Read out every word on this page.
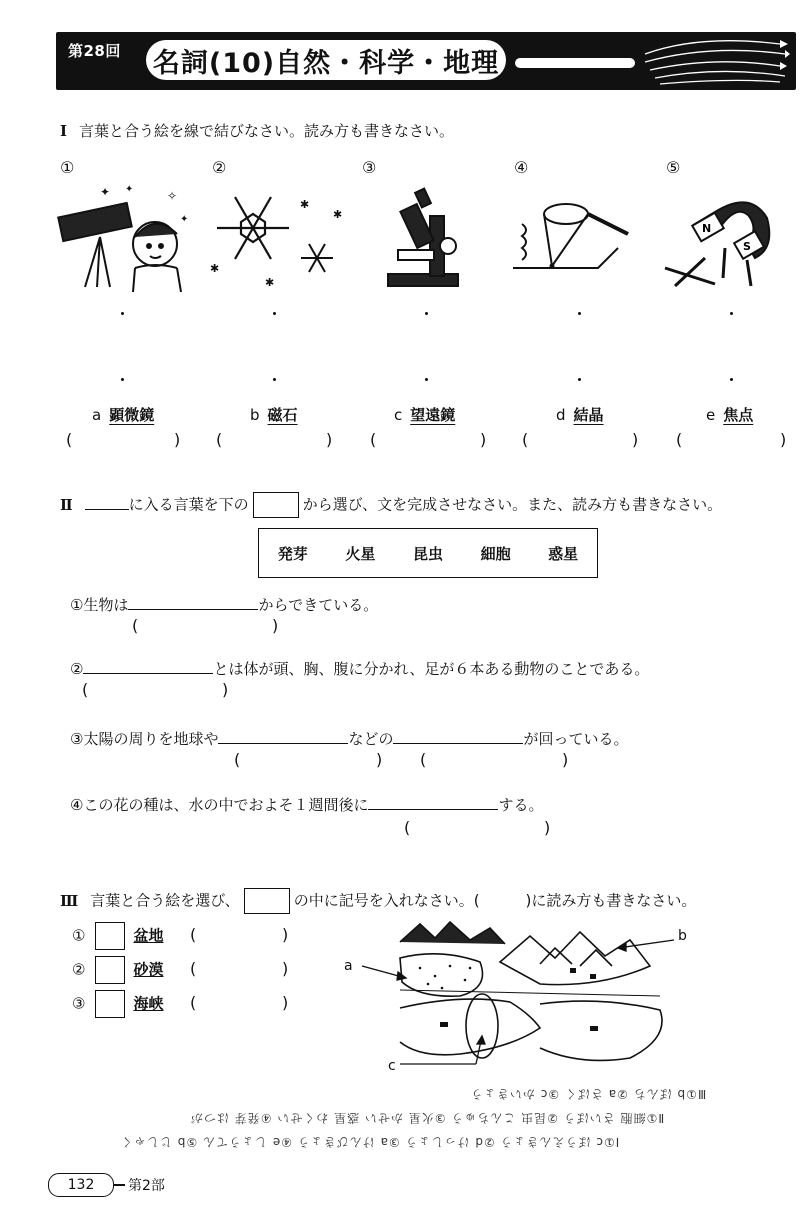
第28回 名詞(10)自然・科学・地理
Ⅰ 言葉と合う絵を線で結びなさい。読み方も書きなさい。
①	②	③	④	⑤
✦ ✦	✧
✦
✱
✱
✱
✱
N
S
a 顕微鏡	b 磁石	c 望遠鏡	d 結晶	e 焦点
(	) (	) (	) (	) (	)
Ⅱ	に入る言葉を下の	から選び、文を完成させなさい。また、読み方も書きなさい。
発芽	火星	昆虫	細胞	惑星
①生物は	からできている。
(	)
②	とは体が頭、胸、腹に分かれ、足が６本ある動物のことである。
(	)
③太陽の周りを地球や	などの	が回っている。
(	) (	)
④この花の種は、水の中でおよそ１週間後に	する。
(	)
Ⅲ 言葉と合う絵を選び、	の中に記号を入れなさい。(	)に読み方も書きなさい。
①	盆地 (	)
②	砂漠 (	)
③	海峡 (	)
a
b
c
Ⅲ①b ぼんち ②a さばく ③c かいきょう
Ⅱ①細胞 さいぼう ②昆虫 こんちゅう ③火星 かせい 惑星 わくせい ④発芽 はつが
Ⅰ①c ぼうえんきょう ②d けっしょう ③a けんびきょう ④e しょうてん ⑤b じしゃく
132	第2部
